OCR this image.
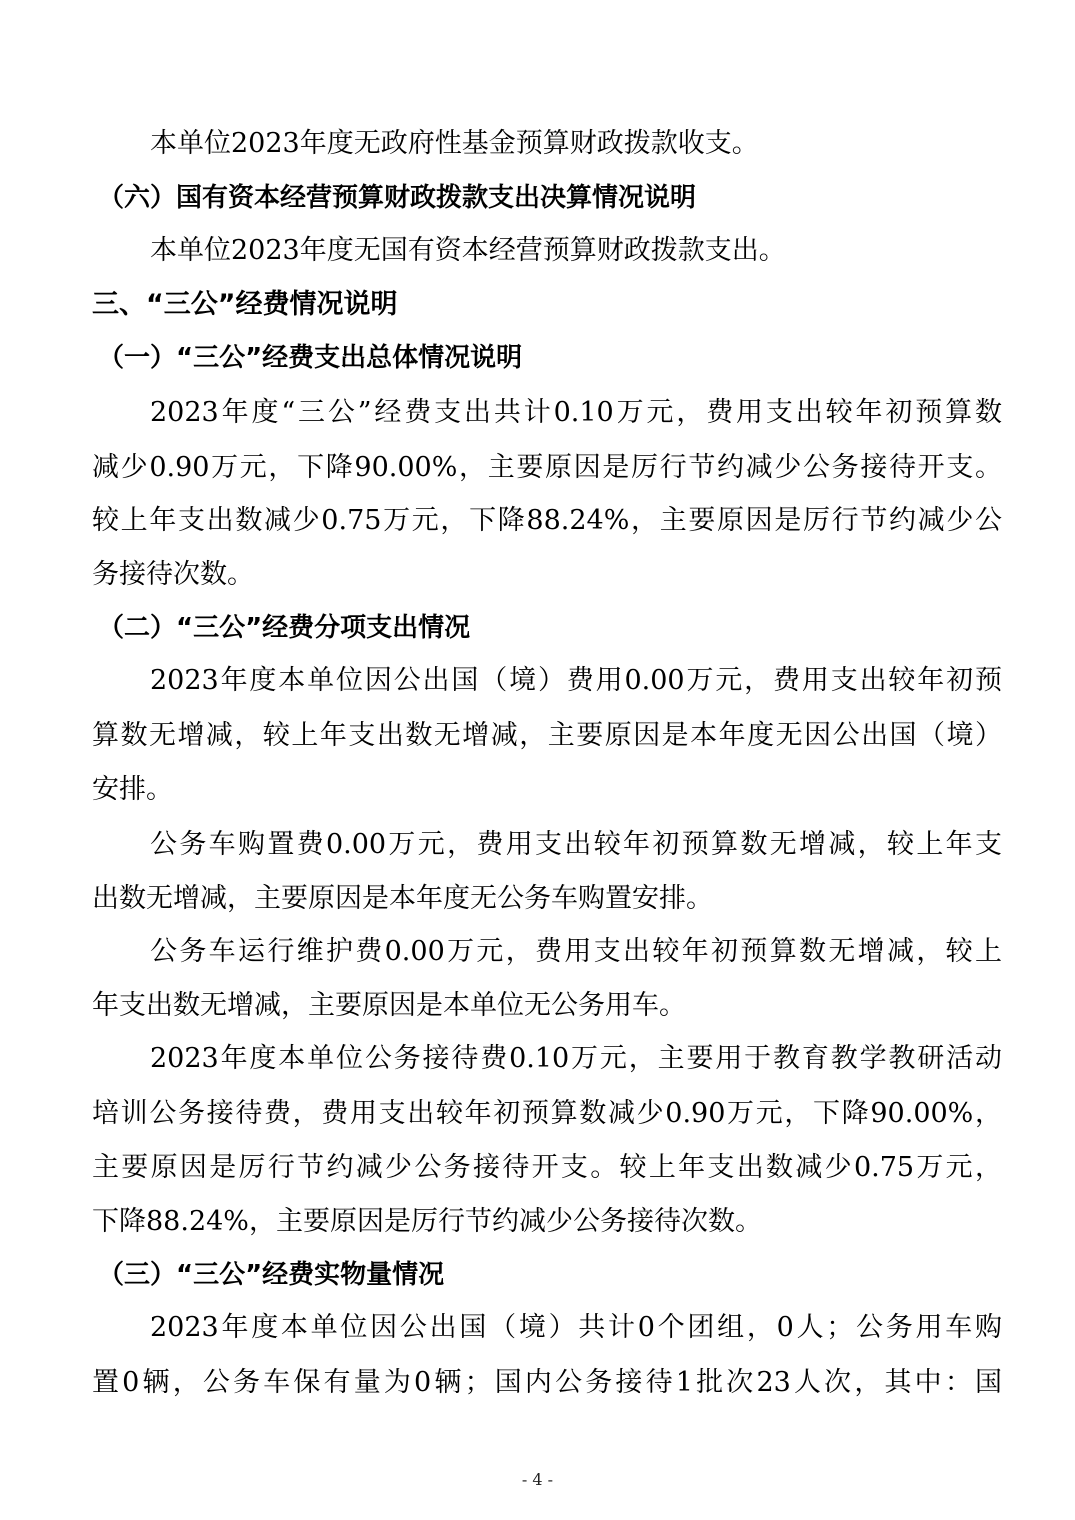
本单位2023年度无政府性基金预算财政拨款收支。
（六）国有资本经营预算财政拨款支出决算情况说明
本单位2023年度无国有资本经营预算财政拨款支出。
三、“三公”经费情况说明
（一）“三公”经费支出总体情况说明
2023年度“三公”经费支出共计0.10万元，费用支出较年初预算数
减少0.90万元，下降90.00%，主要原因是厉行节约减少公务接待开支。
较上年支出数减少0.75万元，下降88.24%，主要原因是厉行节约减少公
务接待次数。
（二）“三公”经费分项支出情况
2023年度本单位因公出国（境）费用0.00万元，费用支出较年初预
算数无增减，较上年支出数无增减，主要原因是本年度无因公出国（境）
安排。
公务车购置费0.00万元，费用支出较年初预算数无增减，较上年支
出数无增减，主要原因是本年度无公务车购置安排。
公务车运行维护费0.00万元，费用支出较年初预算数无增减，较上
年支出数无增减，主要原因是本单位无公务用车。
2023年度本单位公务接待费0.10万元，主要用于教育教学教研活动
培训公务接待费，费用支出较年初预算数减少0.90万元，下降90.00%，
主要原因是厉行节约减少公务接待开支。较上年支出数减少0.75万元，
下降88.24%，主要原因是厉行节约减少公务接待次数。
（三）“三公”经费实物量情况
2023年度本单位因公出国（境）共计0个团组，0人；公务用车购
置0辆，公务车保有量为0辆；国内公务接待1批次23人次，其中：国
- 4 -
